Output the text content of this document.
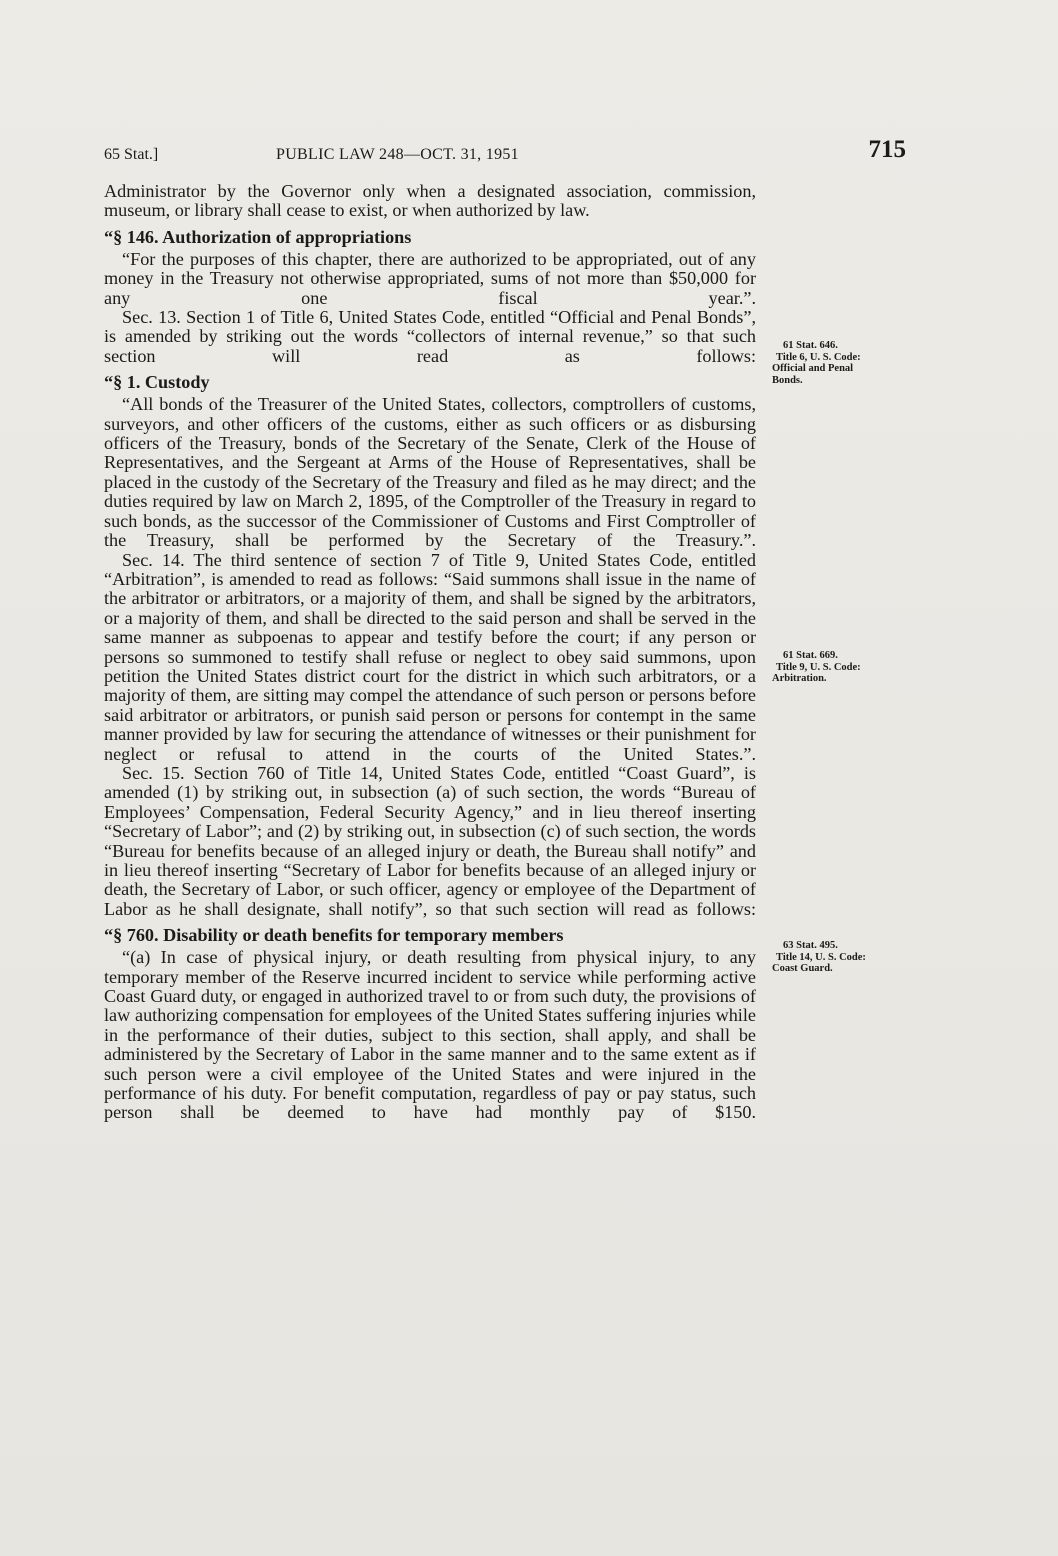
65 Stat.]	PUBLIC LAW 248—OCT. 31, 1951	715

Administrator by the Governor only when a designated association, commission, museum, or library shall cease to exist, or when authorized by law.

“§ 146. Authorization of appropriations

“For the purposes of this chapter, there are authorized to be appropriated, out of any money in the Treasury not otherwise appropriated, sums of not more than $50,000 for any one fiscal year.”.

Sec. 13. Section 1 of Title 6, United States Code, entitled “Official and Penal Bonds”, is amended by striking out the words “collectors of internal revenue,” so that such section will read as follows:

“§ 1. Custody

“All bonds of the Treasurer of the United States, collectors, comptrollers of customs, surveyors, and other officers of the customs, either as such officers or as disbursing officers of the Treasury, bonds of the Secretary of the Senate, Clerk of the House of Representatives, and the Sergeant at Arms of the House of Representatives, shall be placed in the custody of the Secretary of the Treasury and filed as he may direct; and the duties required by law on March 2, 1895, of the Comptroller of the Treasury in regard to such bonds, as the successor of the Commissioner of Customs and First Comptroller of the Treasury, shall be performed by the Secretary of the Treasury.”.

Sec. 14. The third sentence of section 7 of Title 9, United States Code, entitled “Arbitration”, is amended to read as follows: “Said summons shall issue in the name of the arbitrator or arbitrators, or a majority of them, and shall be signed by the arbitrators, or a majority of them, and shall be directed to the said person and shall be served in the same manner as subpoenas to appear and testify before the court; if any person or persons so summoned to testify shall refuse or neglect to obey said summons, upon petition the United States district court for the district in which such arbitrators, or a majority of them, are sitting may compel the attendance of such person or persons before said arbitrator or arbitrators, or punish said person or persons for contempt in the same manner provided by law for securing the attendance of witnesses or their punishment for neglect or refusal to attend in the courts of the United States.”.

Sec. 15. Section 760 of Title 14, United States Code, entitled “Coast Guard”, is amended (1) by striking out, in subsection (a) of such section, the words “Bureau of Employees’ Compensation, Federal Security Agency,” and in lieu thereof inserting “Secretary of Labor”; and (2) by striking out, in subsection (c) of such section, the words “Bureau for benefits because of an alleged injury or death, the Bureau shall notify” and in lieu thereof inserting “Secretary of Labor for benefits because of an alleged injury or death, the Secretary of Labor, or such officer, agency or employee of the Department of Labor as he shall designate, shall notify”, so that such section will read as follows:

“§ 760. Disability or death benefits for temporary members

“(a) In case of physical injury, or death resulting from physical injury, to any temporary member of the Reserve incurred incident to service while performing active Coast Guard duty, or engaged in authorized travel to or from such duty, the provisions of law authorizing compensation for employees of the United States suffering injuries while in the performance of their duties, subject to this section, shall apply, and shall be administered by the Secretary of Labor in the same manner and to the same extent as if such person were a civil employee of the United States and were injured in the performance of his duty. For benefit computation, regardless of pay or pay status, such person shall be deemed to have had monthly pay of $150.

61 Stat. 646.
Title 6, U. S. Code:
Official and Penal
Bonds.
61 Stat. 669.
Title 9, U. S. Code:
Arbitration.
63 Stat. 495.
Title 14, U. S. Code:
Coast Guard.
